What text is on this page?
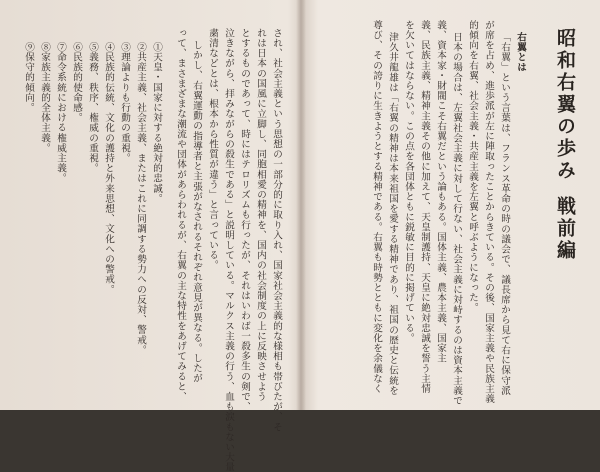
昭和右翼の歩み戦前編
右翼とは
「右翼」という言葉は、フランス革命の時の議会で、議長席から見て右に保守派
が席を占め、進歩派が左に陣取ったことからきている。その後、国家主義や民族主義
的傾向を右翼、社会主義・共産主義を左翼と呼ぶようになった。
日本の場合は、左翼社会主義に対して行ない、社会主義に対峙するのは資本主義で
義、資本家・財閥こそ右翼だという論もある。国体主義、農本主義、国家主
義、民族主義、精神主義その他に加えて、天皇制護持、天皇に絶対忠誠を誓う主情
を欠いてはならない。この点を各団体ともに鋭敏に目的に掲げている。
津久井龍雄は「右翼の精神は本来祖国を愛する精神であり、祖国の歴史と伝統を
尊び、その誇りに生きようとする精神である。右翼も時勢とともに変化を余儀なく
され、社会主義という思想の一部分的に取り入れ、国家社会主義的な様相も帯びたが、そ
れは日本の国風に立脚し、同胞相愛の精神を、国内の社会制度の上に反映させよう
とするものであって、時にはテロリズムも行ったが、それはいわば一殺多生の剣で、
泣きながら、拝みながらの殺生である」と説明している。マルクス主義の行う、血も涙もない大量
粛清などとは、根本から性質が違う」と言っている。
しかし、右翼運動の指導者と主張がなされるそれぞれ意見が異なる。したが
って、まさまざまな潮流や団体があらわれるが、右翼の主な特性をあげてみると、
①天皇・国家に対する絶対的忠誠。
②共産主義、社会主義、またはこれに同調する勢力への反対、警戒。
③理論よりも行動の重視。
④民族的伝統、文化の護持と外来思想、文化への警戒。
⑤義務、秩序、権威の重視。
⑥民族的使命感。
⑦命令系統における権威主義。
⑧家族主義的全体主義。
⑨保守的傾向。
